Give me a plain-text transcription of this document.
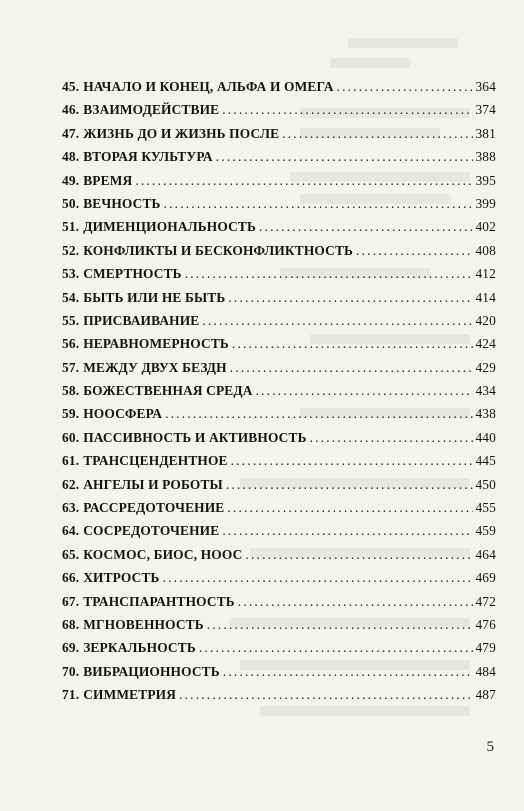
45. НАЧАЛО И КОНЕЦ, АЛЬФА И ОМЕГА .....	364
46. ВЗАИМОДЕЙСТВИЕ .....	374
47. ЖИЗНЬ ДО И ЖИЗНЬ ПОСЛЕ .....	381
48. ВТОРАЯ КУЛЬТУРА .....	388
49. ВРЕМЯ .....	395
50. ВЕЧНОСТЬ .....	399
51. ДИМЕНЦИОНАЛЬНОСТЬ .....	402
52. КОНФЛИКТЫ И БЕСКОНФЛИКТНОСТЬ .....	408
53. СМЕРТНОСТЬ .....	412
54. БЫТЬ ИЛИ НЕ БЫТЬ .....	414
55. ПРИСВАИВАНИЕ .....	420
56. НЕРАВНОМЕРНОСТЬ .....	424
57. МЕЖДУ ДВУХ БЕЗДН .....	429
58. БОЖЕСТВЕННАЯ СРЕДА .....	434
59. НООСФЕРА .....	438
60. ПАССИВНОСТЬ И АКТИВНОСТЬ .....	440
61. ТРАНСЦЕНДЕНТНОЕ .....	445
62. АНГЕЛЫ И РОБОТЫ .....	450
63. РАССРЕДОТОЧЕНИЕ .....	455
64. СОСРЕДОТОЧЕНИЕ .....	459
65. КОСМОС, БИОС, НООС .....	464
66. ХИТРОСТЬ .....	469
67. ТРАНСПАРАНТНОСТЬ .....	472
68. МГНОВЕННОСТЬ .....	476
69. ЗЕРКАЛЬНОСТЬ .....	479
70. ВИБРАЦИОННОСТЬ .....	484
71. СИММЕТРИЯ .....	487
5
